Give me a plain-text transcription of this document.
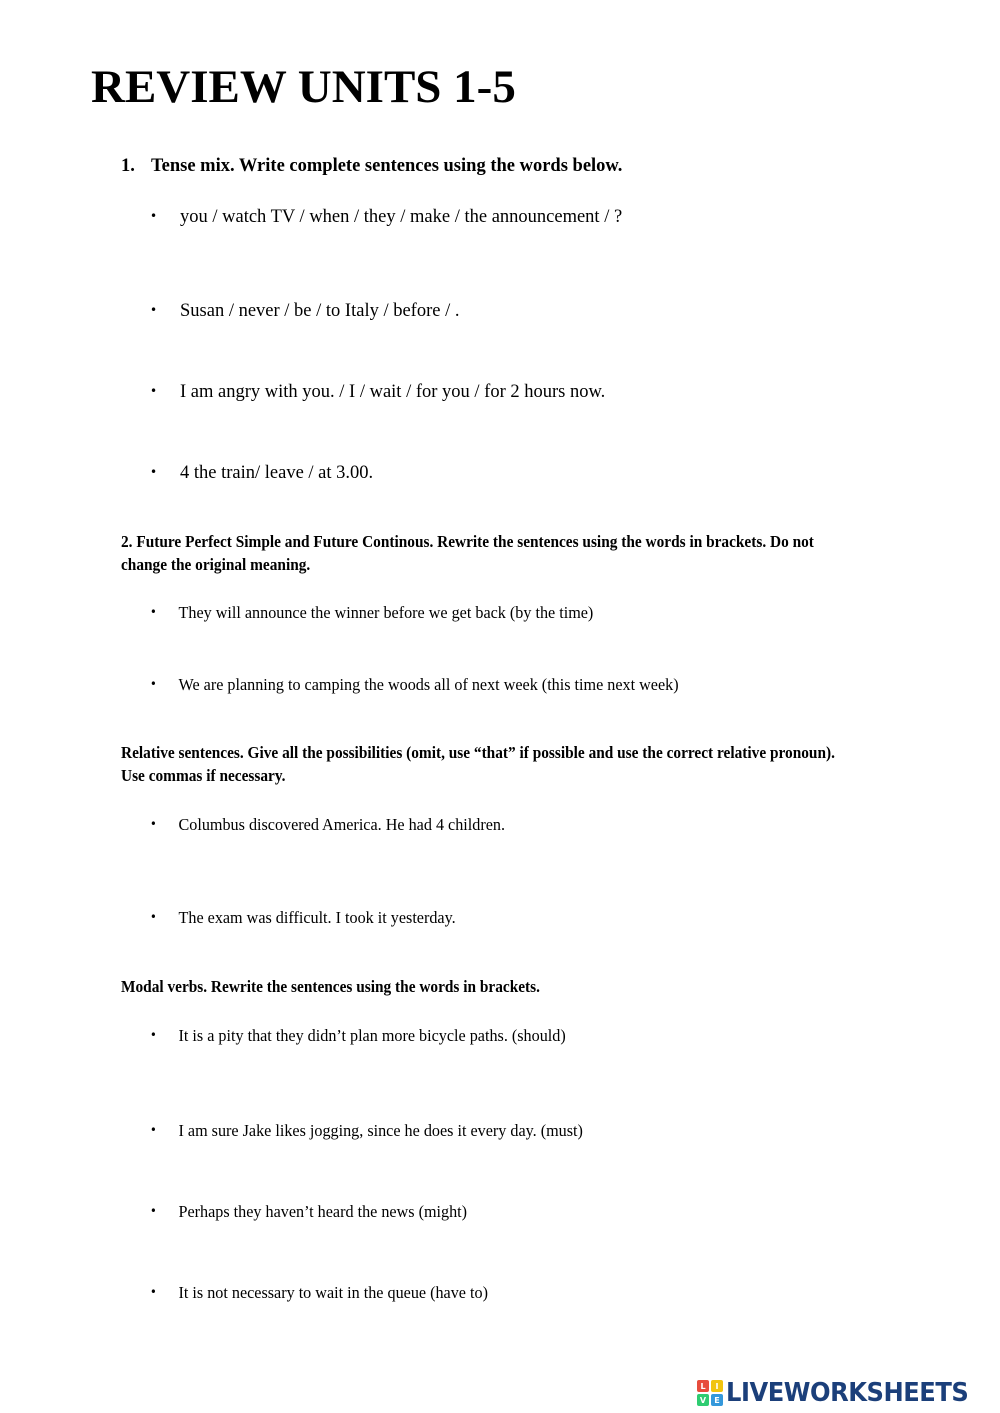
REVIEW UNITS 1-5

1. Tense mix. Write complete sentences using the words below.

• you / watch TV / when / they / make / the announcement / ?

• Susan / never / be / to Italy / before / .

• I am angry with you. / I / wait / for you / for 2 hours now.

• 4 the train/ leave / at 3.00.

2. Future Perfect Simple and Future Continous. Rewrite the sentences using the words in brackets. Do not change the original meaning.

• They will announce the winner before we get back (by the time)

• We are planning to camping the woods all of next week (this time next week)

Relative sentences. Give all the possibilities (omit, use “that” if possible and use the correct relative pronoun). Use commas if necessary.

• Columbus discovered America. He had 4 children.

• The exam was difficult. I took it yesterday.

Modal verbs. Rewrite the sentences using the words in brackets.

• It is a pity that they didn’t plan more bicycle paths. (should)

• I am sure Jake likes jogging, since he does it every day. (must)

• Perhaps they haven’t heard the news (might)

• It is not necessary to wait in the queue (have to)

L	I
V	E LIVEWORKSHEETS
